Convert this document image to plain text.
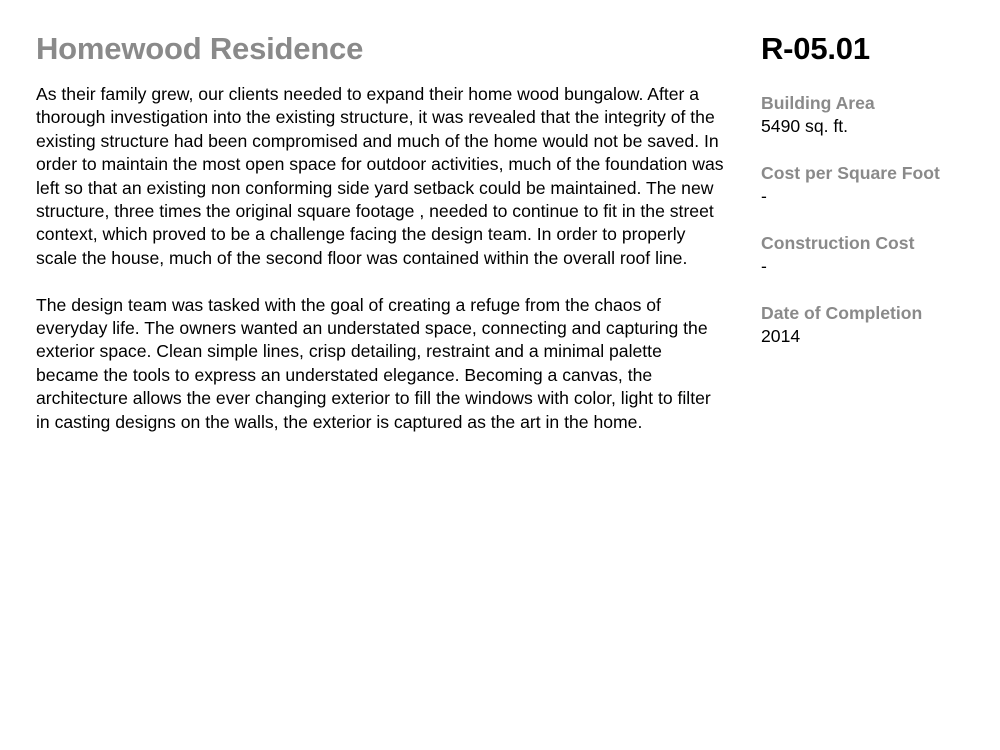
Homewood Residence

As their family grew, our clients needed to expand their home wood bungalow. After a thorough investigation into the existing structure, it was revealed that the integrity of the existing structure had been compromised and much of the home would not be saved. In order to maintain the most open space for outdoor activities, much of the foundation was left so that an existing non conforming side yard setback could be maintained. The new structure, three times the original square footage , needed to continue to fit in the street context, which proved to be a challenge facing the design team. In order to properly scale the house, much of the second floor was contained within the overall roof line.

The design team was tasked with the goal of creating a refuge from the chaos of everyday life. The owners wanted an understated space, connecting and capturing the exterior space. Clean simple lines, crisp detailing, restraint and a minimal palette became the tools to express an understated elegance. Becoming a canvas, the architecture allows the ever changing exterior to fill the windows with color, light to filter in casting designs on the walls, the exterior is captured as the art in the home.

R-05.01
Building Area
5490 sq. ft.
Cost per Square Foot
-
Construction Cost
-
Date of Completion
2014
